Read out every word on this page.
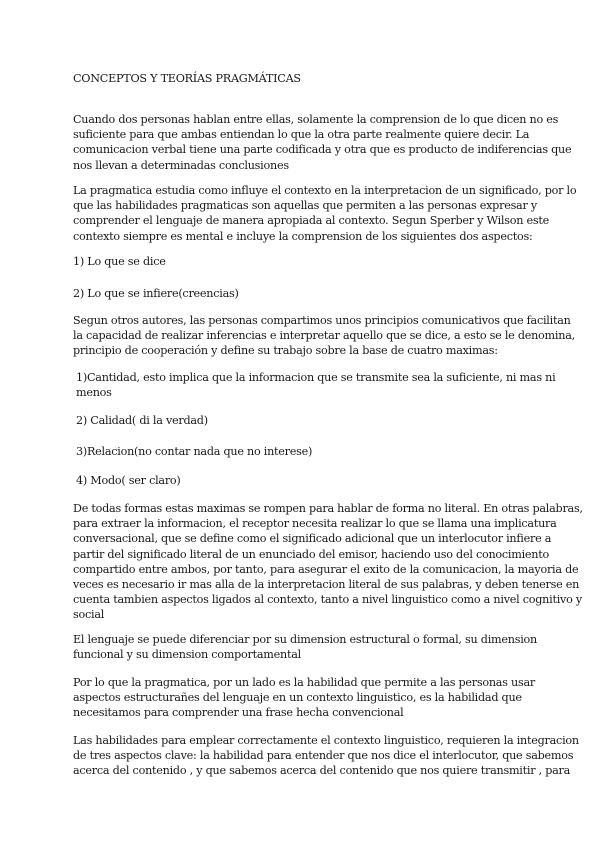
CONCEPTOS Y TEORÍAS PRAGMÁTICAS

Cuando dos personas hablan entre ellas, solamente la comprension de lo que dicen no es
suficiente para que ambas entiendan lo que la otra parte realmente quiere decir. La
comunicacion verbal tiene una parte codificada y otra que es producto de indiferencias que
nos llevan a determinadas conclusiones
La pragmatica estudia como influye el contexto en la interpretacion de un significado, por lo
que las habilidades pragmaticas son aquellas que permiten a las personas expresar y
comprender el lenguaje de manera apropiada al contexto. Segun Sperber y Wilson este
contexto siempre es mental e incluye la comprension de los siguientes dos aspectos:

1) Lo que se dice

2) Lo que se infiere(creencias)

Segun otros autores, las personas compartimos unos principios comunicativos que facilitan
la capacidad de realizar inferencias e interpretar aquello que se dice, a esto se le denomina,
principio de cooperación y define su trabajo sobre la base de cuatro maximas:
1)Cantidad, esto implica que la informacion que se transmite sea la suficiente, ni mas ni
menos

2) Calidad( di la verdad)

3)Relacion(no contar nada que no interese)

4) Modo( ser claro)

De todas formas estas maximas se rompen para hablar de forma no literal. En otras palabras,
para extraer la informacion, el receptor necesita realizar lo que se llama una implicatura
conversacional, que se define como el significado adicional que un interlocutor infiere a
partir del significado literal de un enunciado del emisor, haciendo uso del conocimiento
compartido entre ambos, por tanto, para asegurar el exito de la comunicacion, la mayoria de
veces es necesario ir mas alla de la interpretacion literal de sus palabras, y deben tenerse en
cuenta tambien aspectos ligados al contexto, tanto a nivel linguistico como a nivel cognitivo y
social
El lenguaje se puede diferenciar por su dimension estructural o formal, su dimension
funcional y su dimension comportamental
Por lo que la pragmatica, por un lado es la habilidad que permite a las personas usar
aspectos estructurañes del lenguaje en un contexto linguistico, es la habilidad que
necesitamos para comprender una frase hecha convencional
Las habilidades para emplear correctamente el contexto linguistico, requieren la integracion
de tres aspectos clave: la habilidad para entender que nos dice el interlocutor, que sabemos
acerca del contenido , y que sabemos acerca del contenido que nos quiere transmitir , para
